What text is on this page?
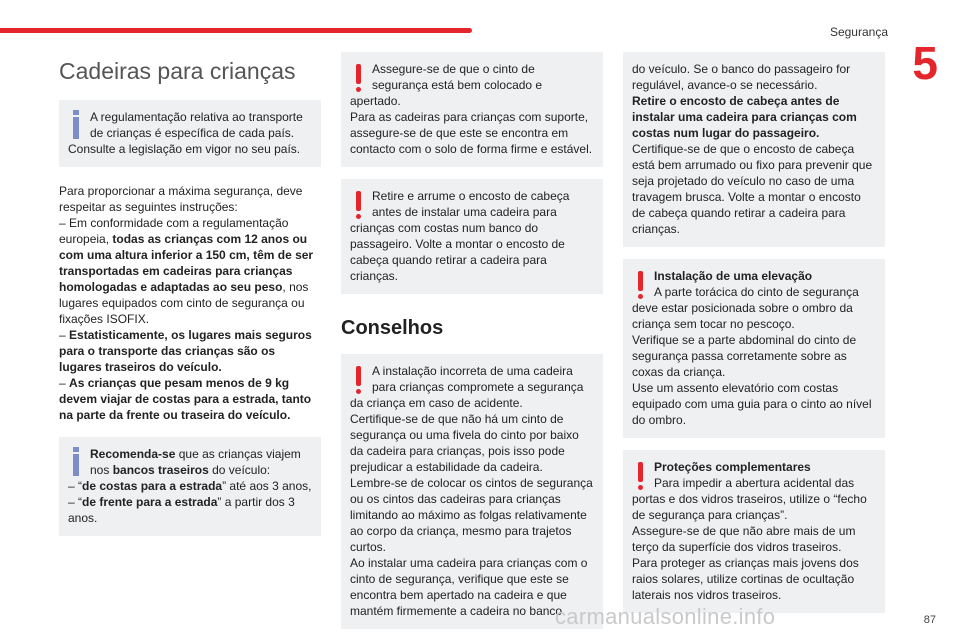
Segurança
5
Cadeiras para crianças
A regulamentação relativa ao transporte de crianças é específica de cada país.
Consulte a legislação em vigor no seu país.

Para proporcionar a máxima segurança, deve respeitar as seguintes instruções:

– Em conformidade com a regulamentação europeia, todas as crianças com 12 anos ou com uma altura inferior a 150 cm, têm de ser transportadas em cadeiras para crianças homologadas e adaptadas ao seu peso, nos lugares equipados com cinto de segurança ou fixações ISOFIX.

– Estatisticamente, os lugares mais seguros para o transporte das crianças são os lugares traseiros do veículo.

– As crianças que pesam menos de 9 kg devem viajar de costas para a estrada, tanto na parte da frente ou traseira do veículo.

Recomenda-se que as crianças viajem nos bancos traseiros do veículo:
– “de costas para a estrada” até aos 3 anos,
– “de frente para a estrada” a partir dos 3 anos.
Assegure-se de que o cinto de segurança está bem colocado e
apertado.
Para as cadeiras para crianças com suporte, assegure-se de que este se encontra em contacto com o solo de forma firme e estável.
Retire e arrume o encosto de cabeça antes de instalar uma cadeira para
crianças com costas num banco do passageiro. Volte a montar o encosto de cabeça quando retirar a cadeira para crianças.
Conselhos
A instalação incorreta de uma cadeira para crianças compromete a segurança
da criança em caso de acidente.
Certifique-se de que não há um cinto de segurança ou uma fivela do cinto por baixo da cadeira para crianças, pois isso pode prejudicar a estabilidade da cadeira.
Lembre-se de colocar os cintos de segurança ou os cintos das cadeiras para crianças limitando ao máximo as folgas relativamente ao corpo da criança, mesmo para trajetos curtos.
Ao instalar uma cadeira para crianças com o cinto de segurança, verifique que este se encontra bem apertado na cadeira e que mantém firmemente a cadeira no banco
do veículo. Se o banco do passageiro for regulável, avance-o se necessário.
Retire o encosto de cabeça antes de instalar uma cadeira para crianças com costas num lugar do passageiro.
Certifique-se de que o encosto de cabeça está bem arrumado ou fixo para prevenir que seja projetado do veículo no caso de uma travagem brusca. Volte a montar o encosto de cabeça quando retirar a cadeira para crianças.
Instalação de uma elevação
A parte torácica do cinto de segurança
deve estar posicionada sobre o ombro da criança sem tocar no pescoço.
Verifique se a parte abdominal do cinto de segurança passa corretamente sobre as coxas da criança.
Use um assento elevatório com costas equipado com uma guia para o cinto ao nível do ombro.
Proteções complementares
Para impedir a abertura acidental das
portas e dos vidros traseiros, utilize o “fecho de segurança para crianças”.
Assegure-se de que não abre mais de um terço da superfície dos vidros traseiros.
Para proteger as crianças mais jovens dos raios solares, utilize cortinas de ocultação laterais nos vidros traseiros.
87
carmanualsonline.info
